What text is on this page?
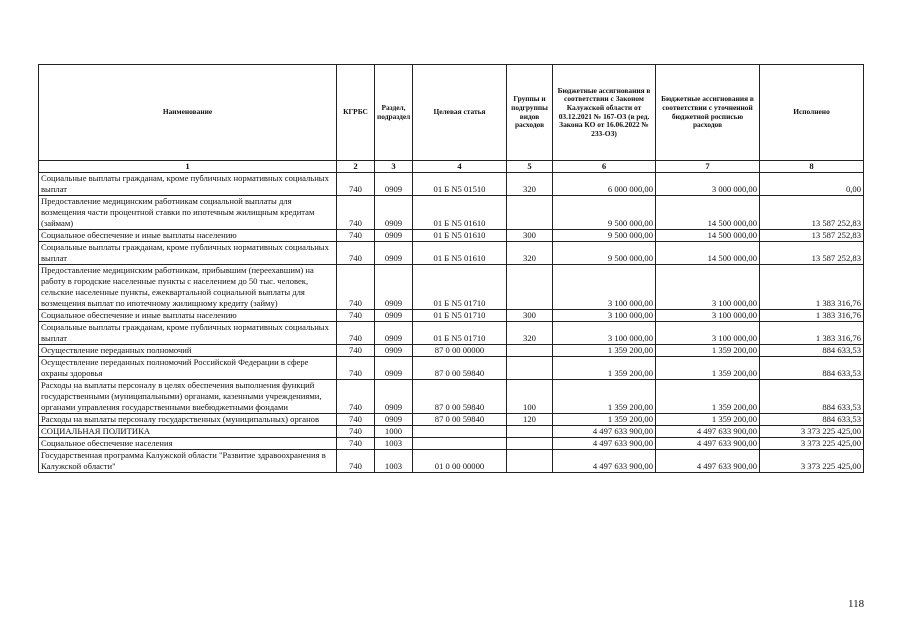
Наименование	КГРБС	Раздел, подраздел	Целевая статья	Группы и подгруппы видов расходов	Бюджетные ассигнования в соответствии с Законом Калужской области от 03.12.2021 № 167-ОЗ (в ред. Закона КО от 16.06.2022 № 233-ОЗ)	Бюджетные ассигнования в соответствии с уточненной бюджетной росписью расходов	Исполнено
1	2	3	4	5	6	7	8
Социальные выплаты гражданам, кроме публичных нормативных социальных выплат	740	0909	01 Б N5 01510	320	6 000 000,00	3 000 000,00	0,00
Предоставление медицинским работникам социальной выплаты для возмещения части процентной ставки по ипотечным жилищным кредитам (займам)	740	0909	01 Б N5 01610		9 500 000,00	14 500 000,00	13 587 252,83
Социальное обеспечение и иные выплаты населению	740	0909	01 Б N5 01610	300	9 500 000,00	14 500 000,00	13 587 252,83
Социальные выплаты гражданам, кроме публичных нормативных социальных выплат	740	0909	01 Б N5 01610	320	9 500 000,00	14 500 000,00	13 587 252,83
Предоставление медицинским работникам, прибывшим (переехавшим) на работу в городские населенные пункты с населением до 50 тыс. человек, сельские населенные пункты, ежеквартальной социальной выплаты для возмещения выплат по ипотечному жилищному кредиту (займу)	740	0909	01 Б N5 01710		3 100 000,00	3 100 000,00	1 383 316,76
Социальное обеспечение и иные выплаты населению	740	0909	01 Б N5 01710	300	3 100 000,00	3 100 000,00	1 383 316,76
Социальные выплаты гражданам, кроме публичных нормативных социальных выплат	740	0909	01 Б N5 01710	320	3 100 000,00	3 100 000,00	1 383 316,76
Осуществление переданных полномочий	740	0909	87 0 00 00000		1 359 200,00	1 359 200,00	884 633,53
Осуществление переданных полномочий Российской Федерации в сфере охраны здоровья	740	0909	87 0 00 59840		1 359 200,00	1 359 200,00	884 633,53
Расходы на выплаты персоналу в целях обеспечения выполнения функций государственными (муниципальными) органами, казенными учреждениями, органами управления государственными внебюджетными фондами	740	0909	87 0 00 59840	100	1 359 200,00	1 359 200,00	884 633,53
Расходы на выплаты персоналу государственных (муниципальных) органов	740	0909	87 0 00 59840	120	1 359 200,00	1 359 200,00	884 633,53
СОЦИАЛЬНАЯ ПОЛИТИКА	740	1000			4 497 633 900,00	4 497 633 900,00	3 373 225 425,00
Социальное обеспечение населения	740	1003			4 497 633 900,00	4 497 633 900,00	3 373 225 425,00
Государственная программа Калужской области "Развитие здравоохранения в Калужской области"	740	1003	01 0 00 00000		4 497 633 900,00	4 497 633 900,00	3 373 225 425,00
118
